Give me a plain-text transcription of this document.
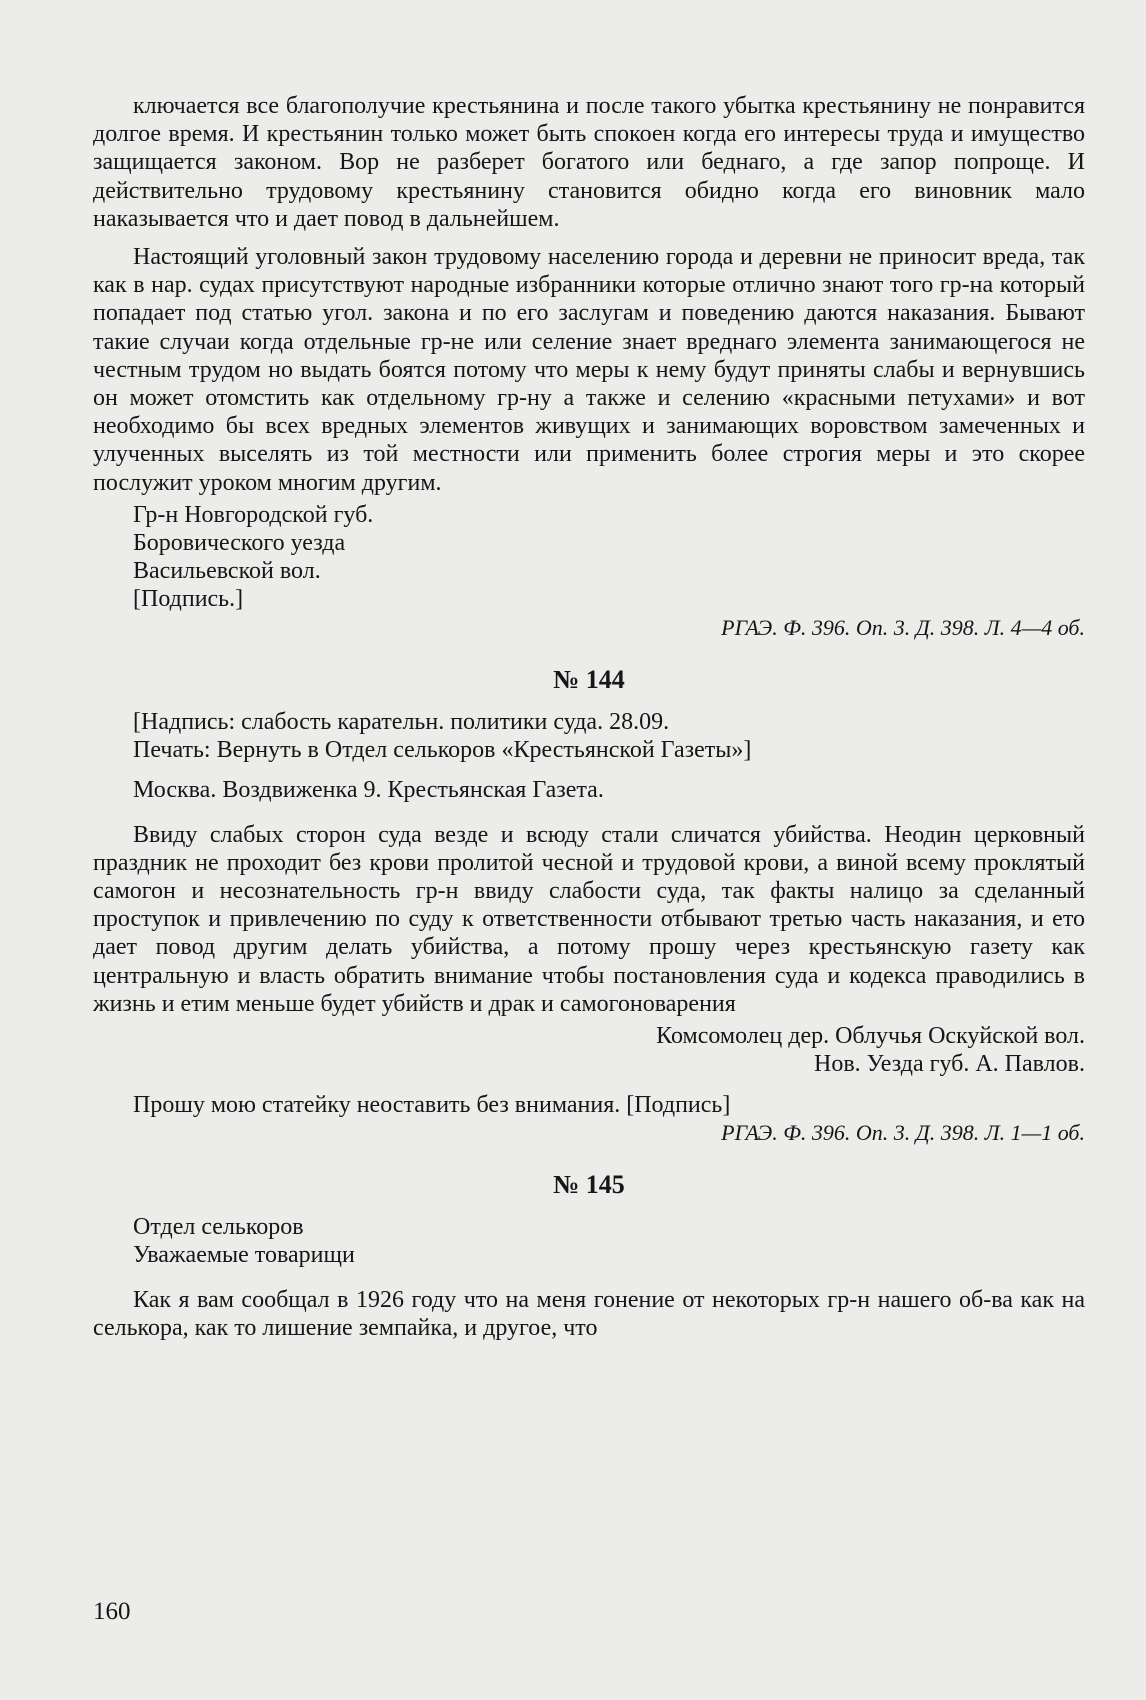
ключается все благополучие крестьянина и после такого убытка крестьянину не понравится долгое время. И крестьянин только может быть спокоен когда его интересы труда и имущество защищается законом. Вор не разберет богатого или беднаго, а где запор попроще. И действительно трудовому крестьянину становится обидно когда его виновник мало наказывается что и дает повод в дальнейшем.

Настоящий уголовный закон трудовому населению города и деревни не приносит вреда, так как в нар. судах присутствуют народные избранники которые отлично знают того гр-на который попадает под статью угол. закона и по его заслугам и поведению даются наказания. Бывают такие случаи когда отдельные гр-не или селение знает вреднаго элемента занимающегося не честным трудом но выдать боятся потому что меры к нему будут приняты слабы и вернувшись он может отомстить как отдельному гр-ну а также и селению «красными петухами» и вот необходимо бы всех вредных элементов живущих и занимающих воровством замеченных и улученных выселять из той местности или применить более строгия меры и это скорее послужит уроком многим другим.

Гр-н Новгородской губ.

Боровического уезда

Васильевской вол.

[Подпись.]

РГАЭ. Ф. 396. Оп. 3. Д. 398. Л. 4—4 об.

№ 144

[Надпись: слабость карательн. политики суда. 28.09.

Печать: Вернуть в Отдел селькоров «Крестьянской Газеты»]

Москва. Воздвиженка 9. Крестьянская Газета.

Ввиду слабых сторон суда везде и всюду стали сличатся убийства. Неодин церковный праздник не проходит без крови пролитой чесной и трудовой крови, а виной всему проклятый самогон и несознательность гр-н ввиду слабости суда, так факты налицо за сделанный проступок и привлечению по суду к ответственности отбывают третью часть наказания, и ето дает повод другим делать убийства, а потому прошу через крестьянскую газету как центральную и власть обратить внимание чтобы постановления суда и кодекса праводились в жизнь и етим меньше будет убийств и драк и самогоноварения

Комсомолец дер. Облучья Оскуйской вол.

Нов. Уезда губ. А. Павлов.

Прошу мою статейку неоставить без внимания. [Подпись]

РГАЭ. Ф. 396. Оп. 3. Д. 398. Л. 1—1 об.

№ 145

Отдел селькоров

Уважаемые товарищи

Как я вам сообщал в 1926 году что на меня гонение от некоторых гр-н нашего об-ва как на селькора, как то лишение земпайка, и другое, что

160
